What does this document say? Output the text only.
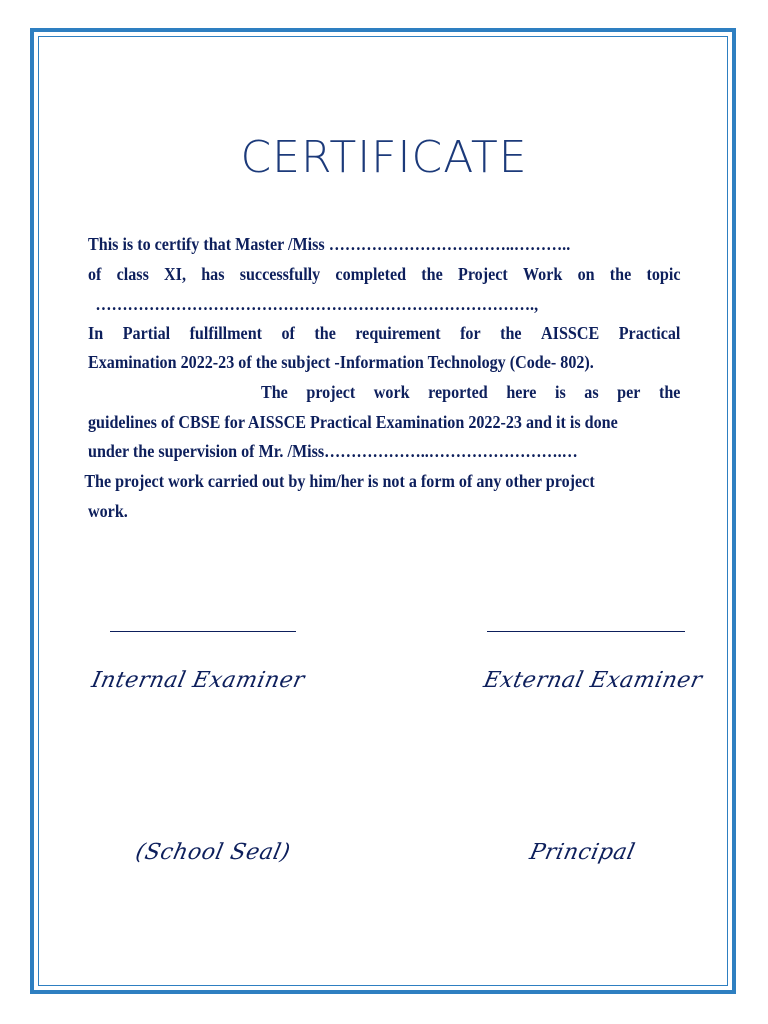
CERTIFICATE
This is to certify that Master /Miss ……………………………..………..
of class XI, has successfully completed the Project Work on the topic
……………………………………………………………………….,
In Partial fulfillment of the requirement for the AISSCE Practical
Examination 2022-23 of the subject -Information Technology (Code- 802).
The project work reported here is as per the
guidelines of CBSE for AISSCE Practical Examination 2022-23 and it is done
under the supervision of Mr. /Miss………………..…………………….…
The project work carried out by him/her is not a form of any other project
work.
Internal Examiner	External Examiner
(School Seal)	Principal
